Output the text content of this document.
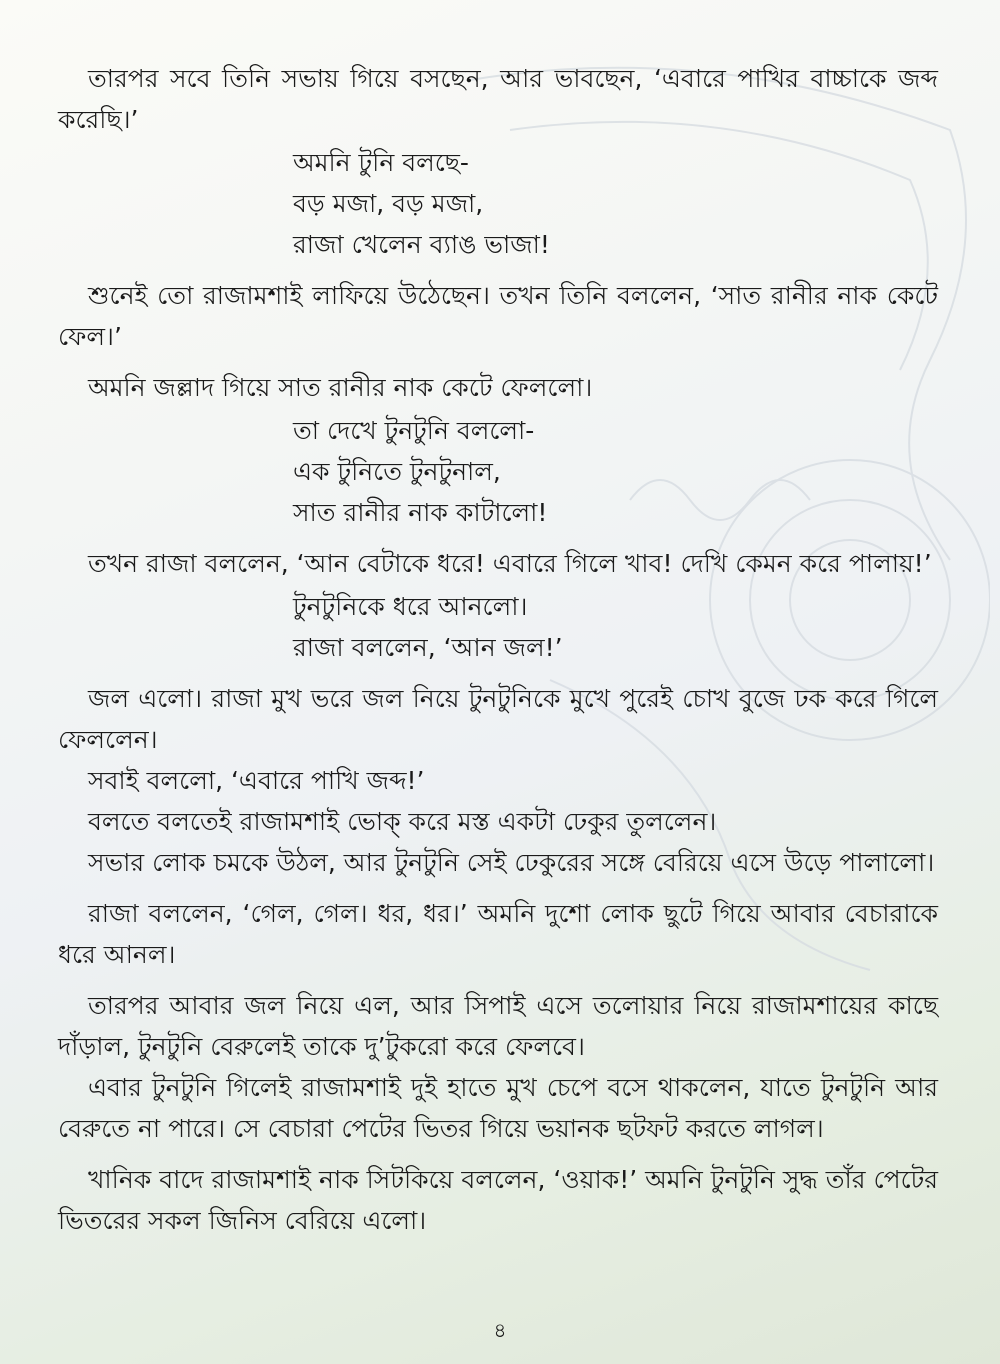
তারপর সবে তিনি সভায় গিয়ে বসছেন, আর ভাবছেন, ‘এবারে পাখির বাচ্চাকে জব্দ করেছি।’

অমনি টুনি বলছে-
বড় মজা, বড় মজা,
রাজা খেলেন ব্যাঙ ভাজা!

শুনেই তো রাজামশাই লাফিয়ে উঠেছেন। তখন তিনি বললেন, ‘সাত রানীর নাক কেটে ফেল।’

অমনি জল্লাদ গিয়ে সাত রানীর নাক কেটে ফেললো।

তা দেখে টুনটুনি বললো-
এক টুনিতে টুনটুনাল,
সাত রানীর নাক কাটালো!

তখন রাজা বললেন, ‘আন বেটাকে ধরে! এবারে গিলে খাব! দেখি কেমন করে পালায়!’

টুনটুনিকে ধরে আনলো।
রাজা বললেন, ‘আন জল!’

জল এলো। রাজা মুখ ভরে জল নিয়ে টুনটুনিকে মুখে পুরেই চোখ বুজে ঢক করে গিলে ফেললেন।

সবাই বললো, ‘এবারে পাখি জব্দ!’

বলতে বলতেই রাজামশাই ভোক্ করে মস্ত একটা ঢেকুর তুললেন।

সভার লোক চমকে উঠল, আর টুনটুনি সেই ঢেকুরের সঙ্গে বেরিয়ে এসে উড়ে পালালো।

রাজা বললেন, ‘গেল, গেল। ধর, ধর।’ অমনি দুশো লোক ছুটে গিয়ে আবার বেচারাকে ধরে আনল।

তারপর আবার জল নিয়ে এল, আর সিপাই এসে তলোয়ার নিয়ে রাজামশায়ের কাছে দাঁড়াল, টুনটুনি বেরুলেই তাকে দু’টুকরো করে ফেলবে।

এবার টুনটুনি গিলেই রাজামশাই দুই হাতে মুখ চেপে বসে থাকলেন, যাতে টুনটুনি আর বেরুতে না পারে। সে বেচারা পেটের ভিতর গিয়ে ভয়ানক ছটফট করতে লাগল।

খানিক বাদে রাজামশাই নাক সিটকিয়ে বললেন, ‘ওয়াক!’ অমনি টুনটুনি সুদ্ধ তাঁর পেটের ভিতরের সকল জিনিস বেরিয়ে এলো।

৪
